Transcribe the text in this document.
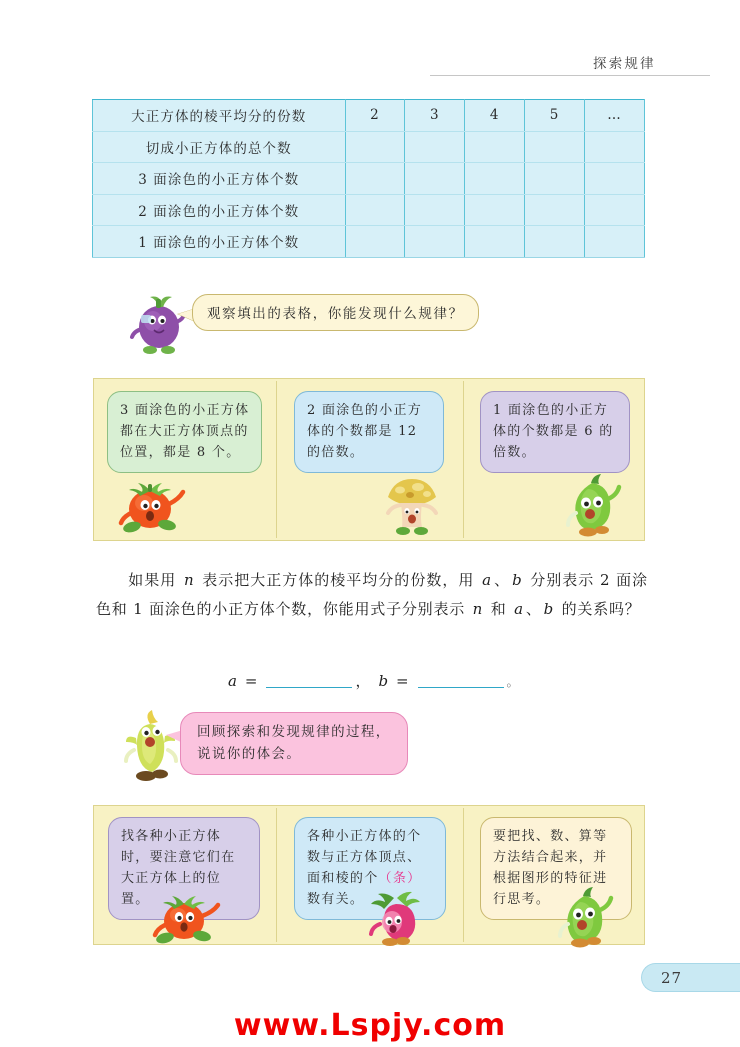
探索规律
大正方体的棱平均分的份数	2	3	4	5	…
切成小正方体的总个数					
3 面涂色的小正方体个数					
2 面涂色的小正方体个数					
1 面涂色的小正方体个数					
观察填出的表格，你能发现什么规律？
3 面涂色的小正方体都在大正方体顶点的位置，都是 8 个。
2 面涂色的小正方体的个数都是 12 的倍数。
1 面涂色的小正方体的个数都是 6 的倍数。
如果用 n 表示把大正方体的棱平均分的份数，用 a 、 b 分别表示 2 面涂色和 1 面涂色的小正方体个数，你能用式子分别表示 n 和 a 、 b 的关系吗？
a =	， b =	。
回顾探索和发现规律的过程，
说说你的体会。
找各种小正方体时，要注意它们在大正方体上的位置。
各种小正方体的个数与正方体顶点、面和棱的个（条）数有关。
要把找、数、算等方法结合起来，并根据图形的特征进行思考。
27
www.Lspjy.com
